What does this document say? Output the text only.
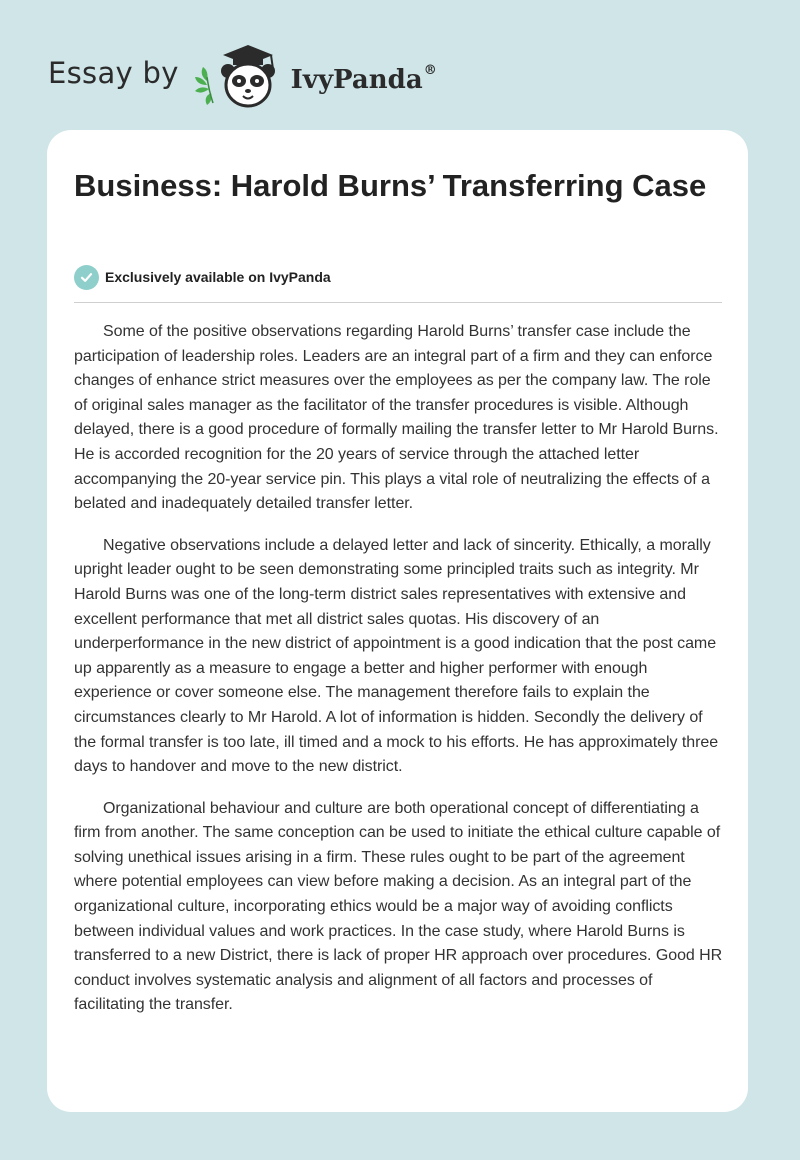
Essay by	IvyPanda®
Business: Harold Burns’ Transferring Case
Exclusively available on IvyPanda

Some of the positive observations regarding Harold Burns’ transfer case include the participation of leadership roles. Leaders are an integral part of a firm and they can enforce changes of enhance strict measures over the employees as per the company law. The role of original sales manager as the facilitator of the transfer procedures is visible. Although delayed, there is a good procedure of formally mailing the transfer letter to Mr Harold Burns. He is accorded recognition for the 20 years of service through the attached letter accompanying the 20-year service pin. This plays a vital role of neutralizing the effects of a belated and inadequately detailed transfer letter.

Negative observations include a delayed letter and lack of sincerity. Ethically, a morally upright leader ought to be seen demonstrating some principled traits such as integrity. Mr Harold Burns was one of the long-term district sales representatives with extensive and excellent performance that met all district sales quotas. His discovery of an underperformance in the new district of appointment is a good indication that the post came up apparently as a measure to engage a better and higher performer with enough experience or cover someone else. The management therefore fails to explain the circumstances clearly to Mr Harold. A lot of information is hidden. Secondly the delivery of the formal transfer is too late, ill timed and a mock to his efforts. He has approximately three days to handover and move to the new district.

Organizational behaviour and culture are both operational concept of differentiating a firm from another. The same conception can be used to initiate the ethical culture capable of solving unethical issues arising in a firm. These rules ought to be part of the agreement where potential employees can view before making a decision. As an integral part of the organizational culture, incorporating ethics would be a major way of avoiding conflicts between individual values and work practices. In the case study, where Harold Burns is transferred to a new District, there is lack of proper HR approach over procedures. Good HR conduct involves systematic analysis and alignment of all factors and processes of facilitating the transfer.
